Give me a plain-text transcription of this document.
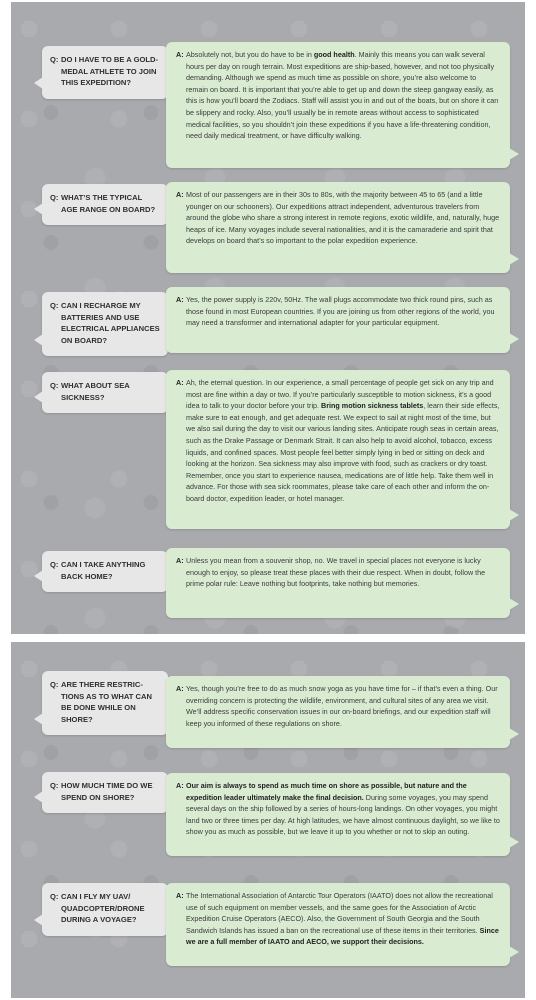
Q: DO I HAVE TO BE A GOLD-MEDAL ATHLETE TO JOIN THIS EXPEDITION?
A: Absolutely not, but you do have to be in good health. Mainly this means you can walk several hours per day on rough terrain. Most expeditions are ship-based, however, and not too physically demanding. Although we spend as much time as possible on shore, you’re also welcome to remain on board. It is important that you’re able to get up and down the steep gangway easily, as this is how you’ll board the Zodiacs. Staff will assist you in and out of the boats, but on shore it can be slippery and rocky. Also, you’ll usually be in remote areas without access to sophisticated medical facilities, so you shouldn’t join these expeditions if you have a life-threatening condition, need daily medical treatment, or have difficulty walking.
Q: WHAT’S THE TYPICAL AGE RANGE ON BOARD?
A: Most of our passengers are in their 30s to 80s, with the majority between 45 to 65 (and a little younger on our schooners). Our expeditions attract independent, adventurous travelers from around the globe who share a strong interest in remote regions, exotic wildlife, and, naturally, huge heaps of ice. Many voyages include several nationalities, and it is the camaraderie and spirit that develops on board that’s so important to the polar expedition experience.
Q: CAN I RECHARGE MY BATTERIES AND USE ELECTRICAL APPLIANCES ON BOARD?
A: Yes, the power supply is 220v, 50Hz. The wall plugs accommodate two thick round pins, such as those found in most European countries. If you are joining us from other regions of the world, you may need a transformer and international adapter for your particular equipment.
Q: WHAT ABOUT SEA SICKNESS?
A: Ah, the eternal question. In our experience, a small percentage of people get sick on any trip and most are fine within a day or two. If you’re particularly susceptible to motion sickness, it’s a good idea to talk to your doctor before your trip. Bring motion sickness tablets, learn their side effects, make sure to eat enough, and get adequate rest. We expect to sail at night most of the time, but we also sail during the day to visit our various landing sites. Anticipate rough seas in certain areas, such as the Drake Passage or Denmark Strait. It can also help to avoid alcohol, tobacco, excess liquids, and confined spaces. Most people feel better simply lying in bed or sitting on deck and looking at the horizon. Sea sickness may also improve with food, such as crackers or dry toast. Remember, once you start to experience nausea, medications are of little help. Take them well in advance. For those with sea sick roommates, please take care of each other and inform the on-board doctor, expedition leader, or hotel manager.
Q: CAN I TAKE ANYTHING BACK HOME?
A: Unless you mean from a souvenir shop, no. We travel in special places not everyone is lucky enough to enjoy, so please treat these places with their due respect. When in doubt, follow the prime polar rule: Leave nothing but footprints, take nothing but memories.
Q: ARE THERE RESTRIC-TIONS AS TO WHAT CAN BE DONE WHILE ON SHORE?
A: Yes, though you’re free to do as much snow yoga as you have time for – if that’s even a thing. Our overriding concern is protecting the wildlife, environment, and cultural sites of any area we visit. We’ll address specific conservation issues in our on-board briefings, and our expedition staff will keep you informed of these regulations on shore.
Q: HOW MUCH TIME DO WE SPEND ON SHORE?
A: Our aim is always to spend as much time on shore as possible, but nature and the expedition leader ultimately make the final decision. During some voyages, you may spend several days on the ship followed by a series of hours-long landings. On other voyages, you might land two or three times per day. At high latitudes, we have almost continuous daylight, so we like to show you as much as possible, but we leave it up to you whether or not to skip an outing.
Q: CAN I FLY MY UAV/ QUADCOPTER/DRONE DURING A VOYAGE?
A: The International Association of Antarctic Tour Operators (IAATO) does not allow the recreational use of such equipment on member vessels, and the same goes for the Association of Arctic Expedition Cruise Operators (AECO). Also, the Government of South Georgia and the South Sandwich Islands has issued a ban on the recreational use of these items in their territories. Since we are a full member of IAATO and AECO, we support their decisions.
